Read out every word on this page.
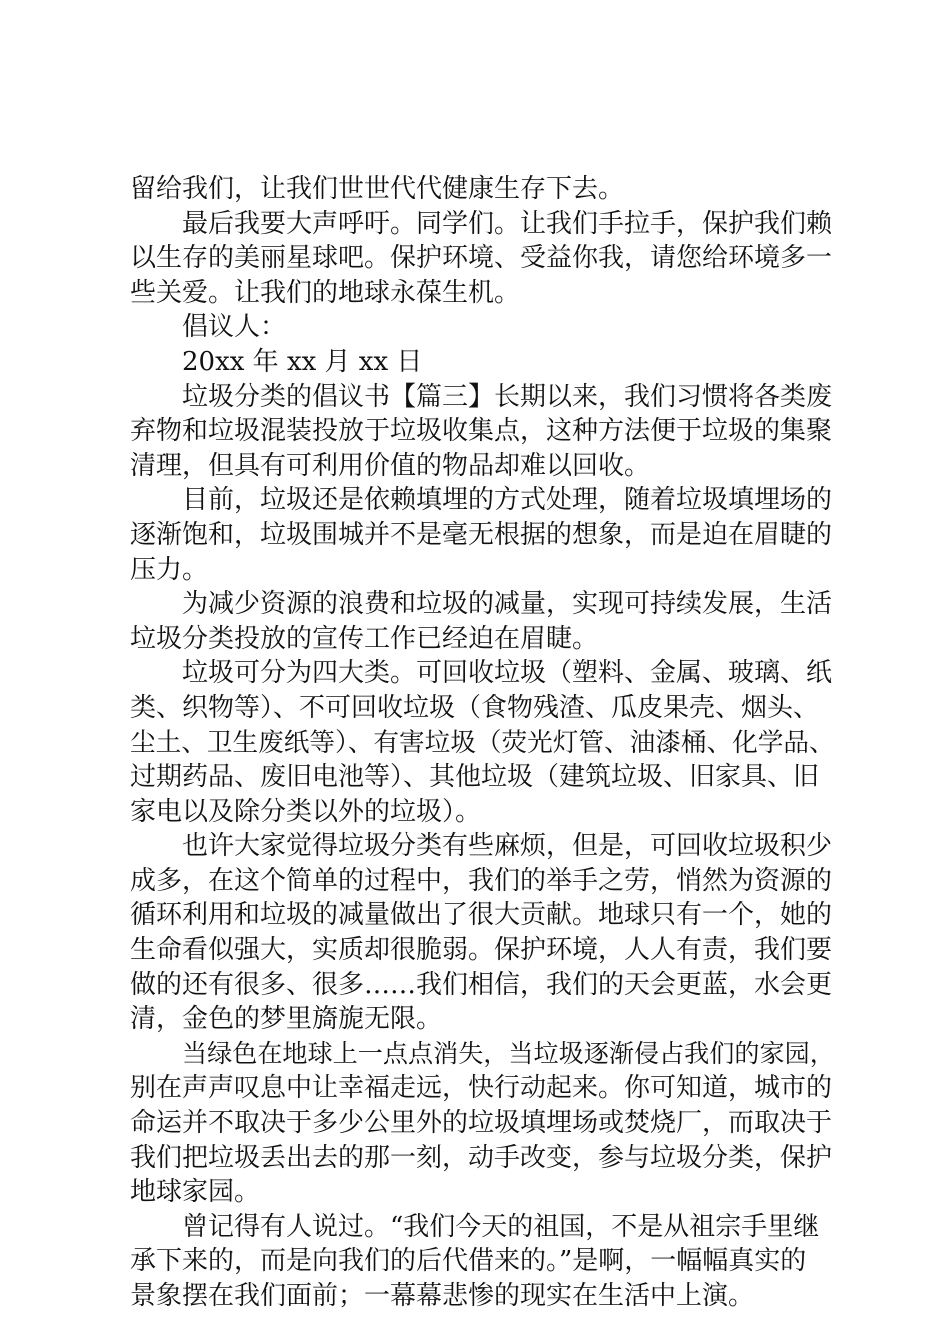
留给我们，让我们世世代代健康生存下去。

最后我要大声呼吁。同学们。让我们手拉手，保护我们赖
以生存的美丽星球吧。保护环境、受益你我，请您给环境多一
些关爱。让我们的地球永葆生机。

倡议人：

20xx 年 xx 月 xx 日

垃圾分类的倡议书【篇三】长期以来，我们习惯将各类废
弃物和垃圾混装投放于垃圾收集点，这种方法便于垃圾的集聚
清理，但具有可利用价值的物品却难以回收。

目前，垃圾还是依赖填埋的方式处理，随着垃圾填埋场的
逐渐饱和，垃圾围城并不是毫无根据的想象，而是迫在眉睫的
压力。

为减少资源的浪费和垃圾的减量，实现可持续发展，生活
垃圾分类投放的宣传工作已经迫在眉睫。

垃圾可分为四大类。可回收垃圾（塑料、金属、玻璃、纸
类、织物等）、不可回收垃圾（食物残渣、瓜皮果壳、烟头、
尘土、卫生废纸等）、有害垃圾（荧光灯管、油漆桶、化学品、
过期药品、废旧电池等）、其他垃圾（建筑垃圾、旧家具、旧
家电以及除分类以外的垃圾）。

也许大家觉得垃圾分类有些麻烦，但是，可回收垃圾积少
成多，在这个简单的过程中，我们的举手之劳，悄然为资源的
循环利用和垃圾的减量做出了很大贡献。地球只有一个，她的
生命看似强大，实质却很脆弱。保护环境，人人有责，我们要
做的还有很多、很多……我们相信，我们的天会更蓝，水会更
清，金色的梦里旖旎无限。

当绿色在地球上一点点消失，当垃圾逐渐侵占我们的家园，
别在声声叹息中让幸福走远，快行动起来。你可知道，城市的
命运并不取决于多少公里外的垃圾填埋场或焚烧厂，而取决于
我们把垃圾丢出去的那一刻，动手改变，参与垃圾分类，保护
地球家园。

曾记得有人说过。“我们今天的祖国，不是从祖宗手里继
承下来的，而是向我们的后代借来的。”是啊，一幅幅真实的
景象摆在我们面前；一幕幕悲惨的现实在生活中上演。
